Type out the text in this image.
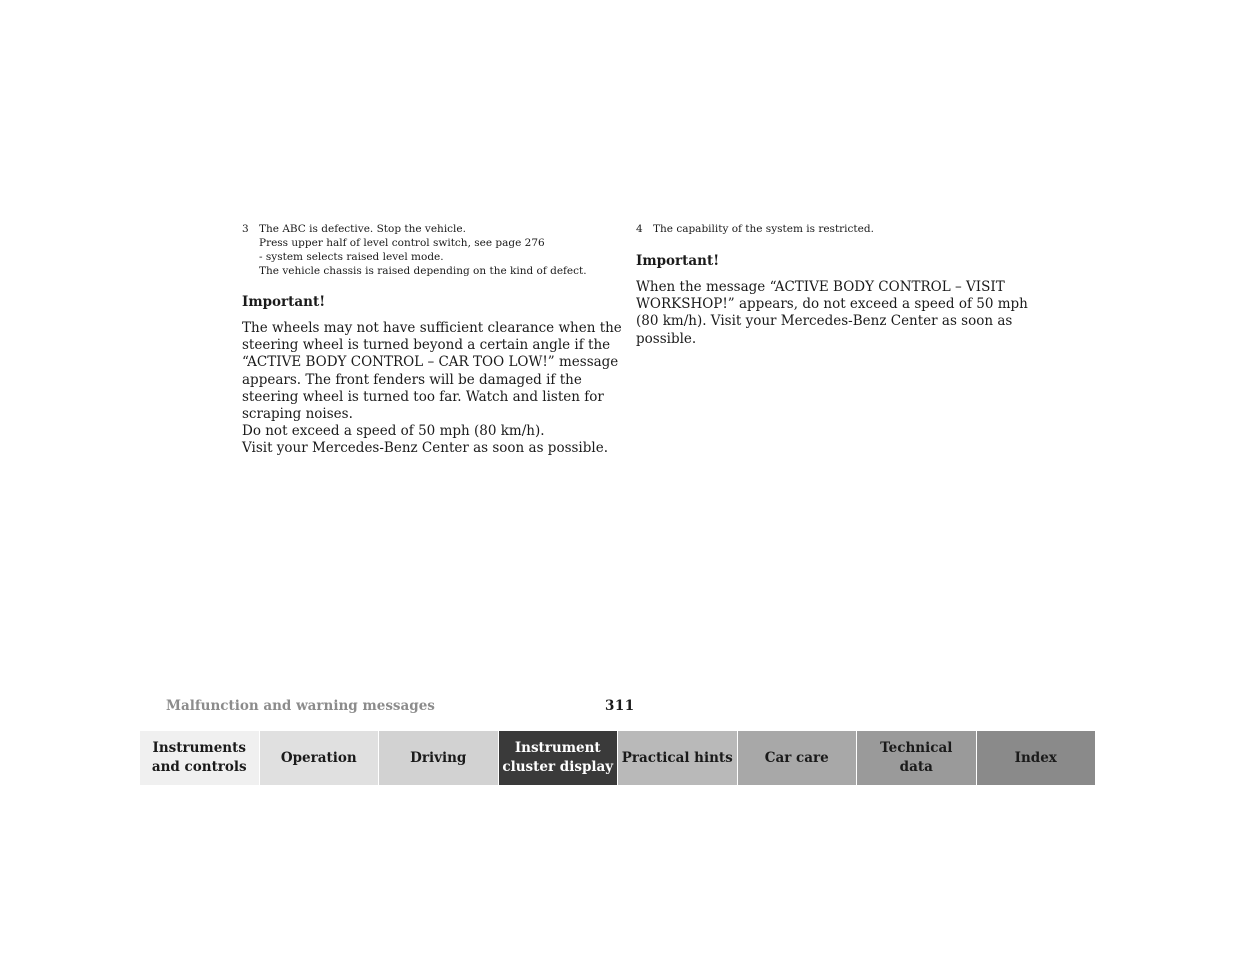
3 The ABC is defective. Stop the vehicle.
Press upper half of level control switch, see page 276
- system selects raised level mode.
The vehicle chassis is raised depending on the kind of defect.

Important!

The wheels may not have sufficient clearance when the
steering wheel is turned beyond a certain angle if the
“ACTIVE BODY CONTROL – CAR TOO LOW!” message
appears. The front fenders will be damaged if the
steering wheel is turned too far. Watch and listen for
scraping noises.
Do not exceed a speed of 50 mph (80 km/h).
Visit your Mercedes-Benz Center as soon as possible.

4 The capability of the system is restricted.

Important!

When the message “ACTIVE BODY CONTROL – VISIT
WORKSHOP!” appears, do not exceed a speed of 50 mph
(80 km/h). Visit your Mercedes-Benz Center as soon as
possible.

Malfunction and warning messages	311
Instruments
and controls
Operation	Driving
Instrument
cluster display
Practical hints	Car care
Technical
data
Index
